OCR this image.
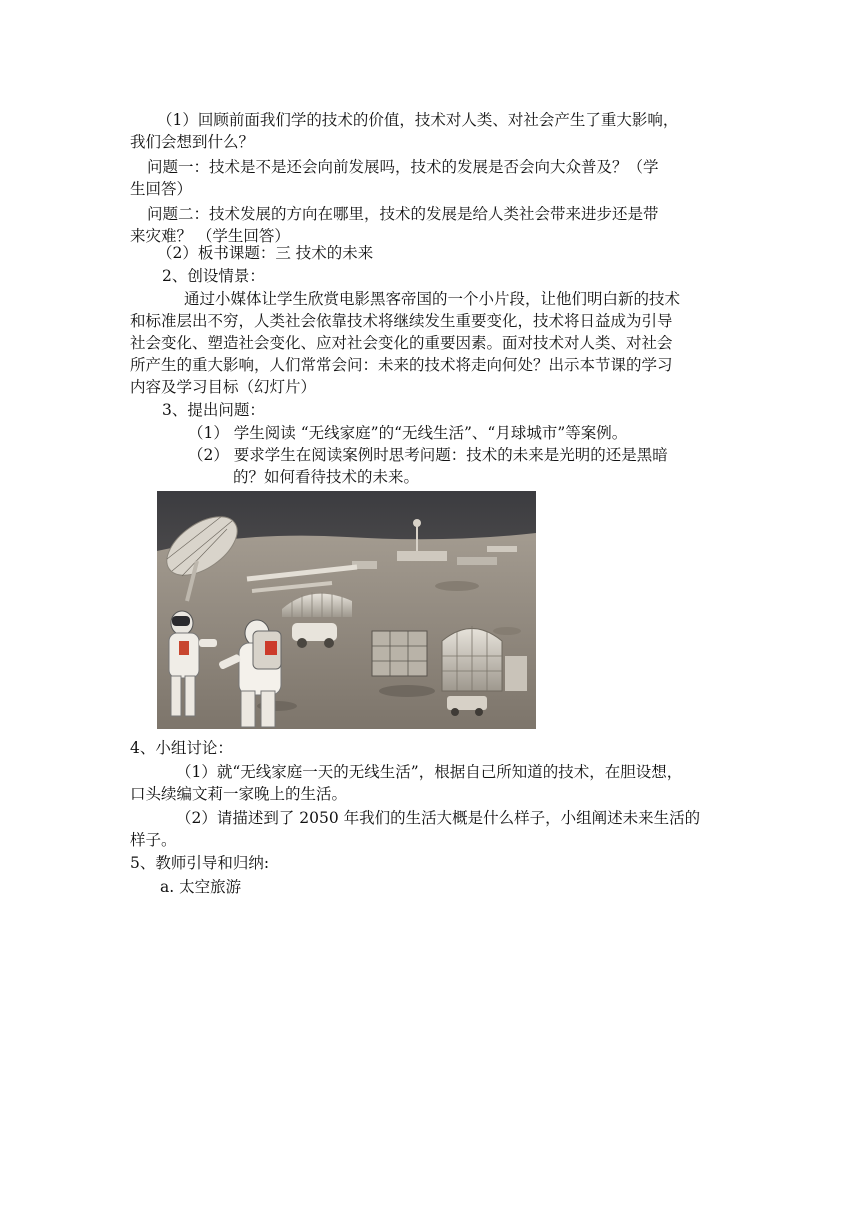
（1）回顾前面我们学的技术的价值，技术对人类、对社会产生了重大影响，
我们会想到什么？
问题一：技术是不是还会向前发展吗，技术的发展是否会向大众普及？（学
生回答）
问题二：技术发展的方向在哪里，技术的发展是给人类社会带来进步还是带
来灾难？ （学生回答）
（2）板书课题：三 技术的未来
2、创设情景：
通过小媒体让学生欣赏电影黑客帝国的一个小片段，让他们明白新的技术
和标准层出不穷，人类社会依靠技术将继续发生重要变化，技术将日益成为引导
社会变化、塑造社会变化、应对社会变化的重要因素。面对技术对人类、对社会
所产生的重大影响，人们常常会问：未来的技术将走向何处？出示本节课的学习
内容及学习目标（幻灯片）
3、提出问题：
（1） 学生阅读 “无线家庭”的“无线生活”、“月球城市”等案例。
（2） 要求学生在阅读案例时思考问题：技术的未来是光明的还是黑暗
的？如何看待技术的未来。
4、小组讨论：
（1）就“无线家庭一天的无线生活”，根据自己所知道的技术，在胆设想，
口头续编文莉一家晚上的生活。
（2）请描述到了 2050 年我们的生活大概是什么样子，小组阐述未来生活的
样子。
5、教师引导和归纳:
a. 太空旅游
